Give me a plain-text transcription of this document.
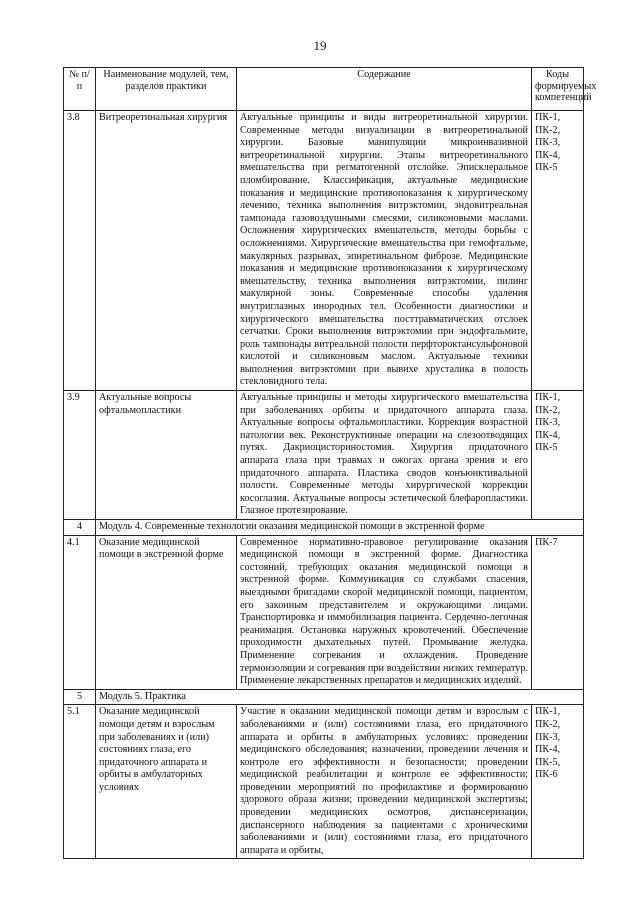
19
№ п/п	Наименование модулей, тем, разделов практики	Содержание	Коды формируемых компетенций
3.8	Витреоретинальная хирургия	Актуальные принципы и виды витреоретинальной хирургии. Современные методы визуализации в витреоретинальной хирургии. Базовые манипуляции микроинвазивной витреоретинальной хирургии. Этапы витреоретинального вмешательства при регматогенной отслойке. Эписклеральное пломбирование. Классификация, актуальные медицинские показания и медицинские противопоказания к хирургическому лечению, техника выполнения витрэктомии, эндовитреальная тампонада газовоздушными смесями, силиконовыми маслами. Осложнения хирургических вмешательств, методы борьбы с осложнениями. Хирургические вмешательства при гемофтальме, макулярных разрывах, эпиретинальном фиброзе. Медицинские показания и медицинские противопоказания к хирургическому вмешательству, техника выполнения витрэктомии, пилинг макулярной зоны. Современные способы удаления внутриглазных инородных тел. Особенности диагностики и хирургического вмешательства посттравматических отслоек сетчатки. Сроки выполнения витрэктомии при эндофтальмите, роль тампонады витреальной полости перфтороктансульфоновой кислотой и силиконовым маслом. Актуальные техники выполнения витрэктомии при вывихе хрусталика в полость стекловидного тела.	ПК-1, ПК-2, ПК-3, ПК-4, ПК-5
3.9	Актуальные вопросы офтальмопластики	Актуальные принципы и методы хирургического вмешательства при заболеваниях орбиты и придаточного аппарата глаза. Актуальные вопросы офтальмопластики. Коррекция возрастной патологии век. Реконструктивные операции на слезоотводящих путях. Дакриоцисториностомия. Хирургия придаточного аппарата глаза при травмах и ожогах органа зрения и его придаточного аппарата. Пластика сводов конъюнктивальной полости. Современные методы хирургической коррекции косоглазия. Актуальные вопросы эстетической блефаропластики. Глазное протезирование.	ПК-1, ПК-2, ПК-3, ПК-4, ПК-5
4	Модуль 4. Современные технологии оказания медицинской помощи в экстренной форме		
4.1	Оказание медицинской помощи в экстренной форме	Современное нормативно-правовое регулирование оказания медицинской помощи в экстренной форме. Диагностика состояний, требующих оказания медицинской помощи в экстренной форме. Коммуникация со службами спасения, выездными бригадами скорой медицинской помощи, пациентом, его законным представителем и окружающими лицами. Транспортировка и иммобилизация пациента. Сердечно-легочная реанимация. Остановка наружных кровотечений. Обеспечение проходимости дыхательных путей. Промывание желудка. Применение согревания и охлаждения. Проведение термоизоляции и согревания при воздействии низких температур. Применение лекарственных препаратов и медицинских изделий.	ПК-7
5	Модуль 5. Практика		
5.1	Оказание медицинской помощи детям и взрослым при заболеваниях и (или) состояниях глаза, его придаточного аппарата и орбиты в амбулаторных условиях	Участие в оказании медицинской помощи детям и взрослым с заболеваниями и (или) состояниями глаза, его придаточного аппарата и орбиты в амбулаторных условиях: проведении медицинского обследования; назначении, проведении лечения и контроле его эффективности и безопасности; проведении медицинской реабилитации и контроле ее эффективности; проведении мероприятий по профилактике и формированию здорового образа жизни; проведении медицинской экспертизы; проведении медицинских осмотров, диспансеризации, диспансерного наблюдения за пациентами с хроническими заболеваниями и (или) состояниями глаза, его придаточного аппарата и орбиты,	ПК-1, ПК-2, ПК-3, ПК-4, ПК-5, ПК-6
